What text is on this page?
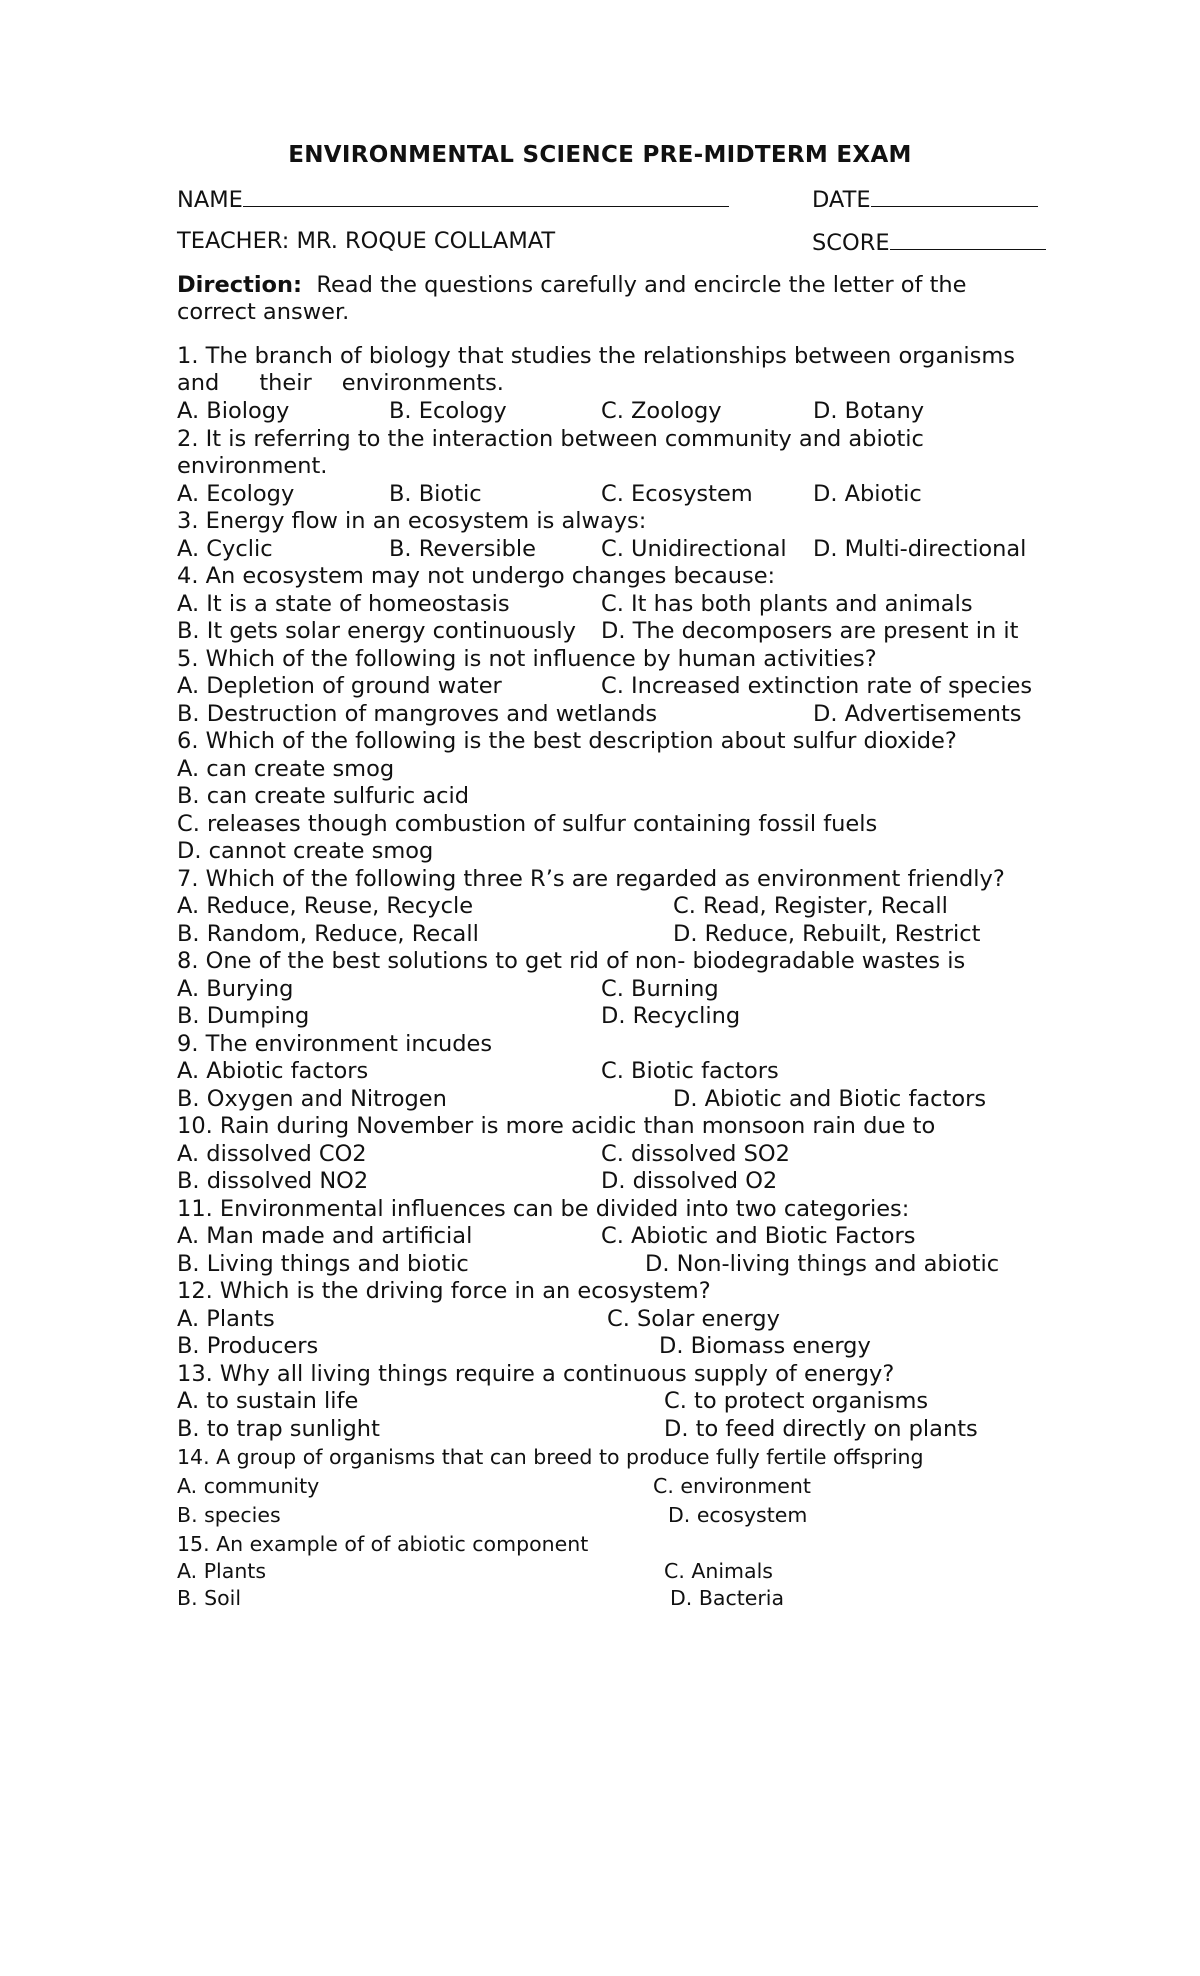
ENVIRONMENTAL SCIENCE PRE-MIDTERM EXAM
NAME	DATE
TEACHER: MR. ROQUE COLLAMAT	SCORE
Direction: Read the questions carefully and encircle the letter of the
correct answer.
1. The branch of biology that studies the relationships between organisms
and their environments.
A. Biology	B. Ecology	C. Zoology	D. Botany
2. It is referring to the interaction between community and abiotic
environment.
A. Ecology	B. Biotic	C. Ecosystem	D. Abiotic
3. Energy flow in an ecosystem is always:
A. Cyclic	B. Reversible	C. Unidirectional D. Multi-directional
4. An ecosystem may not undergo changes because:
A. It is a state of homeostasis	C. It has both plants and animals
B. It gets solar energy continuously D. The decomposers are present in it
5. Which of the following is not influence by human activities?
A. Depletion of ground water	C. Increased extinction rate of species
B. Destruction of mangroves and wetlands	D. Advertisements
6. Which of the following is the best description about sulfur dioxide?
A. can create smog
B. can create sulfuric acid
C. releases though combustion of sulfur containing fossil fuels
D. cannot create smog
7. Which of the following three R’s are regarded as environment friendly?
A. Reduce, Reuse, Recycle	C. Read, Register, Recall
B. Random, Reduce, Recall	D. Reduce, Rebuilt, Restrict
8. One of the best solutions to get rid of non- biodegradable wastes is
A. Burying	C. Burning
B. Dumping	D. Recycling
9. The environment incudes
A. Abiotic factors	C. Biotic factors
B. Oxygen and Nitrogen	D. Abiotic and Biotic factors
10. Rain during November is more acidic than monsoon rain due to
A. dissolved CO2	C. dissolved SO2
B. dissolved NO2	D. dissolved O2
11. Environmental influences can be divided into two categories:
A. Man made and artificial	C. Abiotic and Biotic Factors
B. Living things and biotic	D. Non-living things and abiotic
12. Which is the driving force in an ecosystem?
A. Plants	C. Solar energy
B. Producers	D. Biomass energy
13. Why all living things require a continuous supply of energy?
A. to sustain life	C. to protect organisms
B. to trap sunlight	D. to feed directly on plants
14. A group of organisms that can breed to produce fully fertile offspring
A. community	C. environment
B. species	D. ecosystem
15. An example of of abiotic component
A. Plants	C. Animals
B. Soil	D. Bacteria
